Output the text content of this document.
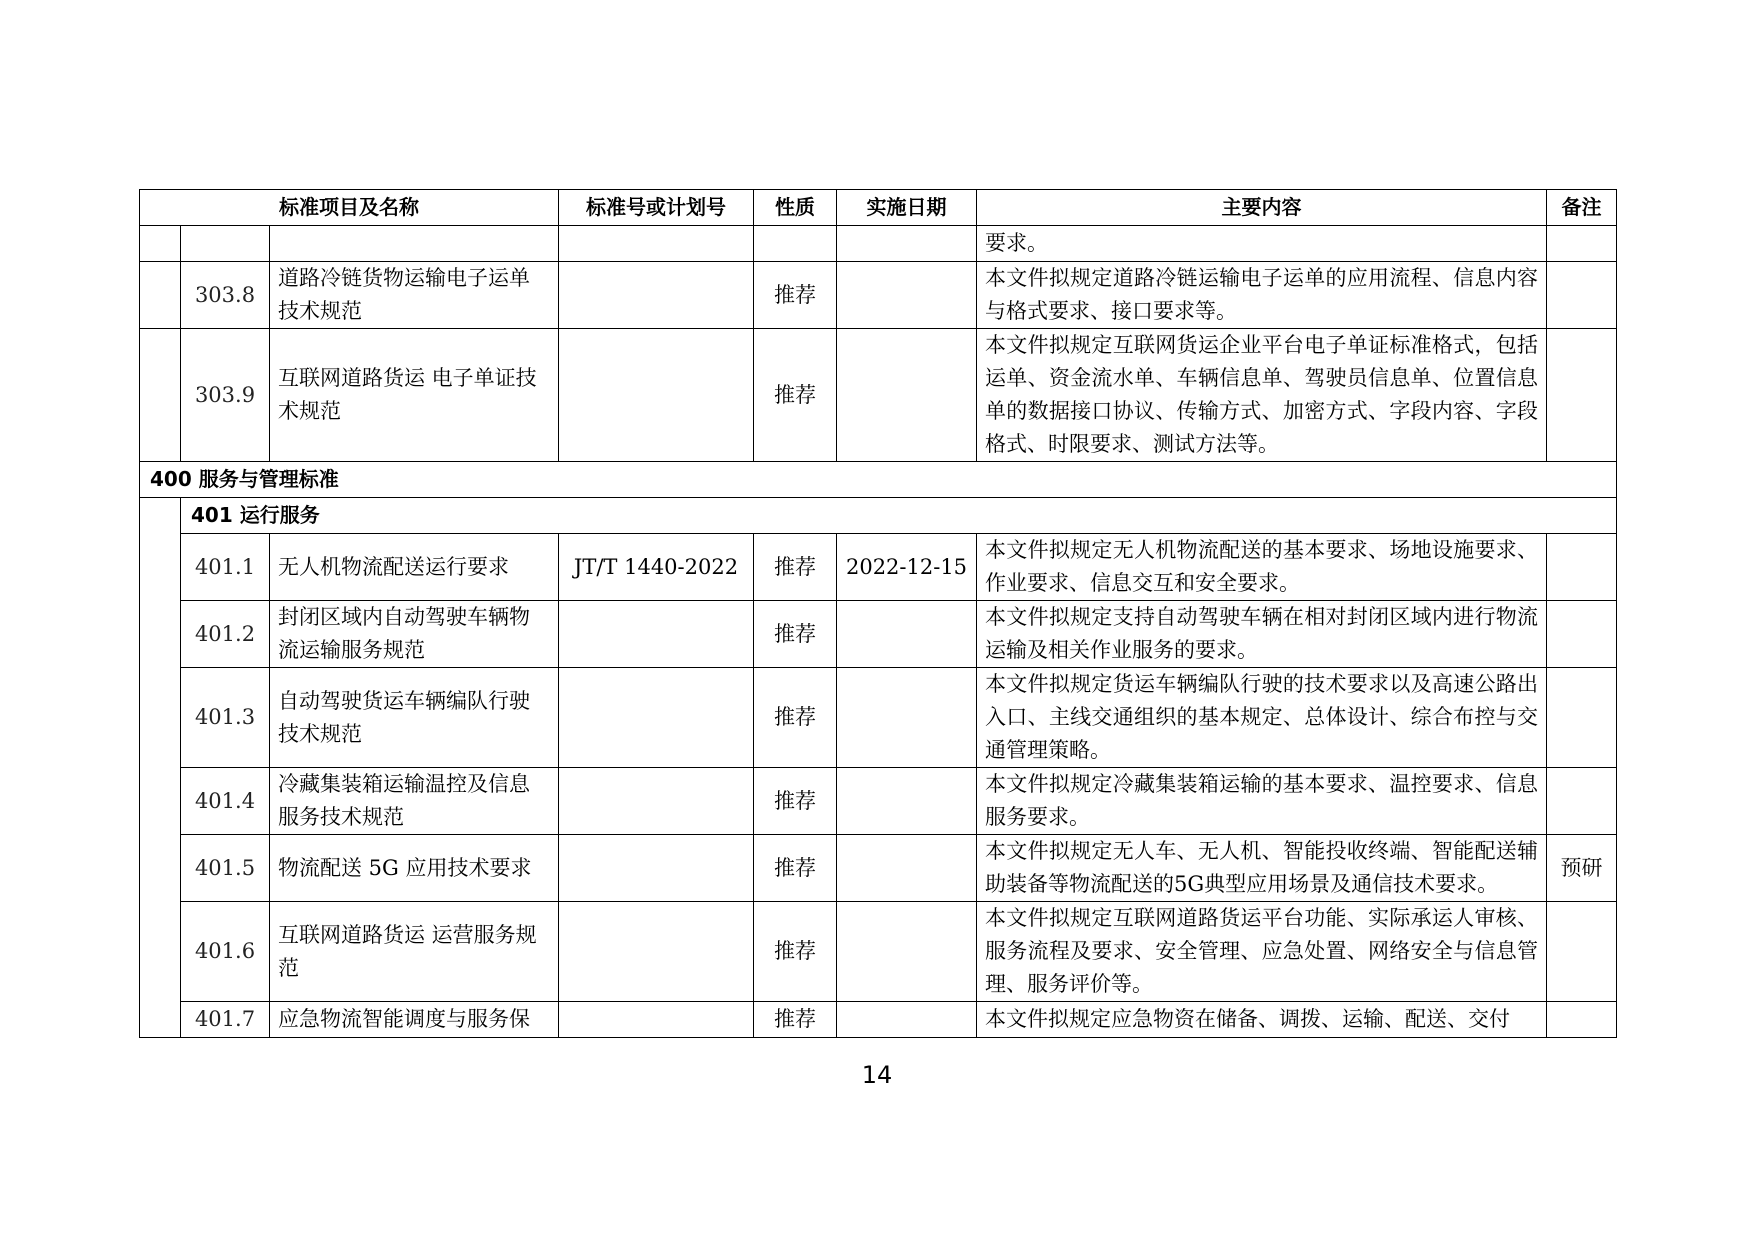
标准项目及名称			标准号或计划号	性质	实施日期	主要内容	备注
						要求。	
	303.8	道路冷链货物运输电子运单技术规范		推荐		本文件拟规定道路冷链运输电子运单的应用流程、信息内容与格式要求、接口要求等。	
	303.9	互联网道路货运 电子单证技术规范		推荐		本文件拟规定互联网货运企业平台电子单证标准格式，包括运单、资金流水单、车辆信息单、驾驶员信息单、位置信息单的数据接口协议、传输方式、加密方式、字段内容、字段格式、时限要求、测试方法等。	
400 服务与管理标准							
	401 运行服务						
	401.1	无人机物流配送运行要求	JT/T 1440-2022	推荐	2022-12-15	本文件拟规定无人机物流配送的基本要求、场地设施要求、作业要求、信息交互和安全要求。	
	401.2	封闭区域内自动驾驶车辆物流运输服务规范		推荐		本文件拟规定支持自动驾驶车辆在相对封闭区域内进行物流运输及相关作业服务的要求。	
	401.3	自动驾驶货运车辆编队行驶技术规范		推荐		本文件拟规定货运车辆编队行驶的技术要求以及高速公路出入口、主线交通组织的基本规定、总体设计、综合布控与交通管理策略。	
	401.4	冷藏集装箱运输温控及信息服务技术规范		推荐		本文件拟规定冷藏集装箱运输的基本要求、温控要求、信息服务要求。	
	401.5	物流配送 5G 应用技术要求		推荐		本文件拟规定无人车、无人机、智能投收终端、智能配送辅助装备等物流配送的5G典型应用场景及通信技术要求。	预研
	401.6	互联网道路货运 运营服务规范		推荐		本文件拟规定互联网道路货运平台功能、实际承运人审核、服务流程及要求、安全管理、应急处置、网络安全与信息管理、服务评价等。	
	401.7	应急物流智能调度与服务保		推荐		本文件拟规定应急物资在储备、调拨、运输、配送、交付	
14
